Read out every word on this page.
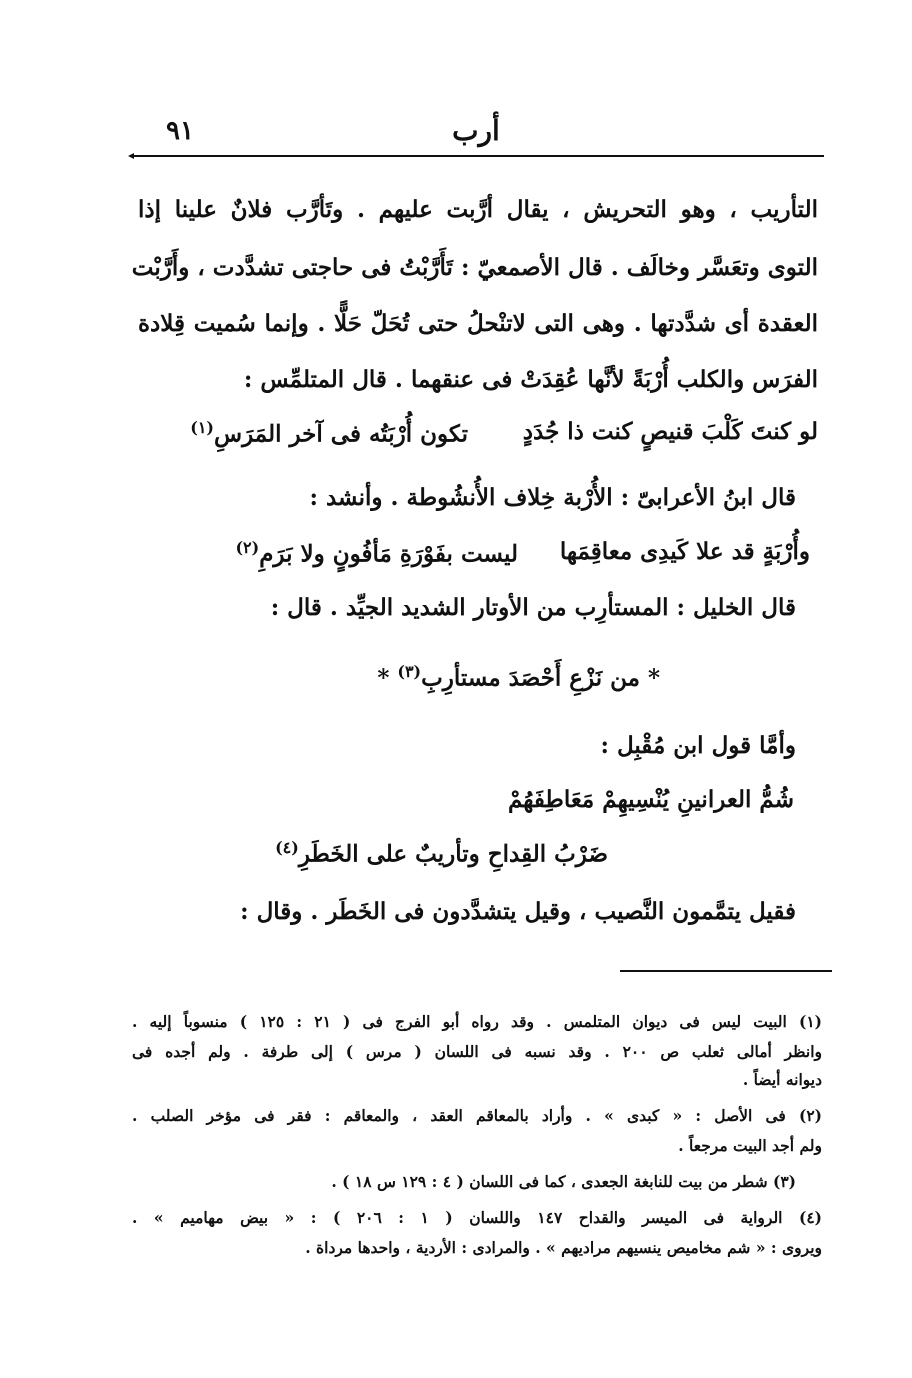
٩١	أرب
التأريب ، وهو التحريش ، يقال أرَّبت عليهم . وتَأرَّب فلانٌ علينا إذا
التوى وتعَسَّر وخالَف . قال الأصمعيّ : تَأَرَّبْتُ فى حاجتى تشدَّدت ، وأَرَّبْت
العقدة أى شدَّدتها . وهى التى لاتنْحلُ حتى تُحَلّ حَلًّا . وإنما سُميت قِلادة
الفرَس والكلب أُرْبَةً لأنَّها عُقِدَتْ فى عنقهما . قال المتلمِّس :
لو كنتَ كَلْبَ قنيصٍ كنت ذا جُدَدٍ
تكون أُرْبَتُه فى آخر المَرَسِ$^{(١)}$
قال ابنُ الأعرابىّ : الأُرْبة خِلاف الأُنشُوطة . وأنشد :
وأُرْبَةٍ قد علا كَيدِى معاقِمَها
ليست بفَوْرَةِ مَأفُونٍ ولا بَرَمِ$^{(٢)}$
قال الخليل : المستأرِب من الأوتار الشديد الجيِّد . قال :
* من نَزْعِ أَحْصَدَ مستأرِبِ$^{(٣)}$ *
وأمَّا قول ابن مُقْبِل :
شُمُّ العرانينِ يُنْسِيهِمْ مَعَاطِفَهُمْ
ضَرْبُ القِداحِ وتأريبٌ على الخَطَرِ$^{(٤)}$
فقيل يتمَّمون النَّصيب ، وقيل يتشدَّدون فى الخَطَر . وقال :
(١) البيت ليس فى ديوان المتلمس . وقد رواه أبو الفرج فى ( ٢١ : ١٢٥ ) منسوباً إليه .
وانظر أمالى ثعلب ص ٢٠٠ . وقد نسبه فى اللسان ( مرس ) إلى طرفة . ولم أجده فى
ديوانه أيضاً .
(٢) فى الأصل : « كبدى » . وأراد بالمعاقم العقد ، والمعاقم : فقر فى مؤخر الصلب .
ولم أجد البيت مرجعاً .
(٣) شطر من بيت للنابغة الجعدى ، كما فى اللسان ( ٤ : ١٢٩ س ١٨ ) .
(٤) الرواية فى الميسر والقداح ١٤٧ واللسان ( ١ : ٢٠٦ ) : « بيض مهاميم » .
ويروى : « شم مخاميص ينسيهم مراديهم » . والمرادى : الأردية ، واحدها مرداة .
